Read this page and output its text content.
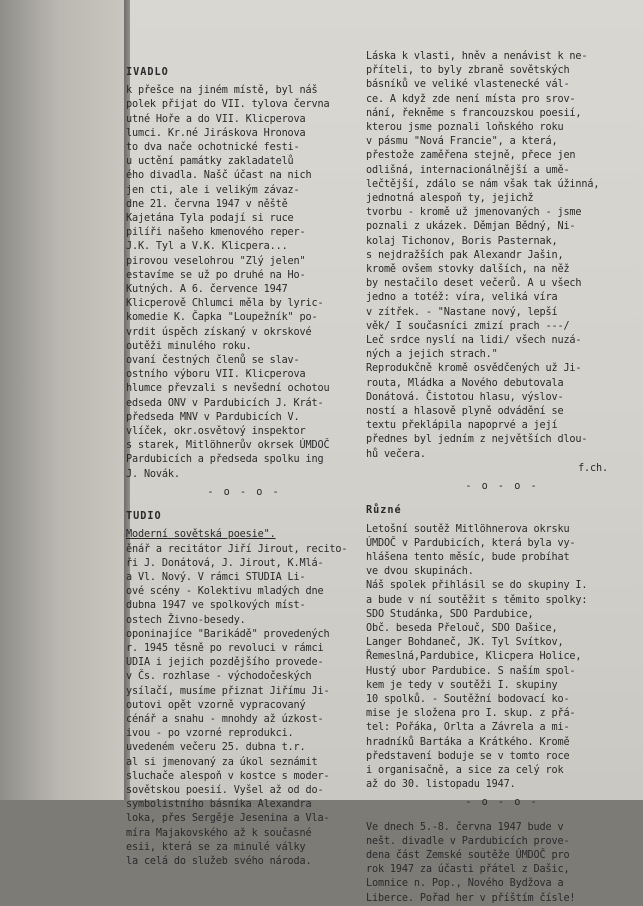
IVADLO
k přešce na jiném místě, byl náš
polek přijat do VII. tylova června
utné Hoře a do VII. Klicperova
lumci. Kr.né Jiráskova Hronova
to dva nače ochotnické festi-
u uctění památky zakladatelů
ého divadla. Našč účast na nich
jen cti, ale i velikým závaz-
dne 21. června 1947 v něště
Kajetána Tyla podají si ruce
pilíři našeho kmenového reper-
J.K. Tyl a V.K. Klicpera...
pirovou veselohrou "Zlý jelen"
estavíme se už po druhé na Ho-
Kutných. A 6. července 1947
Klicperově Chlumci měla by lyric-
komedie K. Čapka "Loupežník" po-
vrdit úspěch získaný v okrskové
outěži minulého roku.
ovaní čestných členů se slav-
ostního výboru VII. Klicperova
hlumce převzali s nevšední ochotou
edseda ONV v Pardubicích J. Krát-
předseda MNV v Pardubicích V.
vlíček, okr.osvětový inspektor
s starek, Mitlöhnerův okrsek ÚMDOČ
Pardubicích a předseda spolku ing
J. Novák.
- o - o -
TUDIO
Moderní sovětská poesie".
ěnář a recitátor Jiří Jirout, recito-
ři J. Donátová, J. Jirout, K.Mlá-
a Vl. Nový. V rámci STUDIA Li-
ové scény - Kolektivu mladých dne
dubna 1947 ve spolkových míst-
ostech Živno-besedy.
oponinajíce "Barikádě" provedených
r. 1945 těsně po revoluci v rámci
UDIA i jejich pozdějšího provede-
v Čs. rozhlase - východočeských
ysílačí, musíme přiznat Jiřímu Ji-
outovi opět vzorně vypracovaný
cénář a snahu - mnohdy až úzkost-
ivou - po vzorné reprodukci.
uvedeném večeru 25. dubna t.r.
al si jmenovaný za úkol seznámit
sluchače alespoň v kostce s moder-
sovětskou poesií. Vyšel až od do-
symbolistního básníka Alexandra
loka, přes Sergěje Jesenina a Vla-
míra Majakovského až k současné
esii, která se za minulé války
la celá do služeb svého národa.
Láska k vlasti, hněv a nenávist k ne-
příteli, to byly zbraně sovětských
básníků ve veliké vlastenecké vál-
ce. A když zde není místa pro srov-
nání, řekněme s francouzskou poesií,
kterou jsme poznali loňského roku
v pásmu "Nová Francie", a která,
přestože zaměřena stejně, přece jen
odlišná, internacionálnější a umě-
lečtější, zdálo se nám však tak úžinná,
jednotná alespoň ty, jejichž
tvorbu - kromě už jmenovaných - jsme
poznali z ukázek. Děmjan Bědný, Ni-
kolaj Tichonov, Boris Pasternak,
s nejdražších pak Alexandr Jašin,
kromě ovšem stovky dalších, na něž
by nestačilo deset večerů. A u všech
jedno a totéž: víra, veliká víra
v zítřek. - "Nastane nový, lepší
věk/ I současníci zmizí prach ---/
Leč srdce nyslí na lidi/ všech nuzá-
ných a jejich strach."
Reprodukčně kromě osvědčených už Ji-
routa, Mládka a Nového debutovala
Donátová. Čistotou hlasu, výslov-
ností a hlasově plyně odvádění se
textu překlápila napoprvé a její
přednes byl jedním z největších dlou-
hů večera.
f.ch.
- o - o -
Různé
Letošní soutěž Mitlöhnerova okrsku
ÚMDOČ v Pardubicích, která byla vy-
hlášena tento měsíc, bude probíhat
ve dvou skupinách.
Náš spolek přihlásil se do skupiny I.
a bude v ní soutěžit s těmito spolky:
SDO Studánka, SDO Pardubice,
Obč. beseda Přelouč, SDO Dašice,
Langer Bohdaneč, JK. Tyl Svítkov,
Řemeslná,Pardubice, Klicpera Holice,
Hustý ubor Pardubice. S naším spol-
kem je tedy v soutěži I. skupiny
10 spolků. - Soutěžní bodovací ko-
mise je složena pro I. skup. z přá-
tel: Pořáka, Orlta a Závrela a mi-
hradníků Bartáka a Krátkého. Kromě
představení boduje se v tomto roce
i organisačně, a sice za celý rok
až do 30. listopadu 1947.
- o - o -
Ve dnech 5.-8. června 1947 bude v
nešt. divadle v Pardubicích prove-
dena část Zemské soutěže ÚMDOČ pro
rok 1947 za účasti přátel z Dašic,
Lomnice n. Pop., Nového Bydžova a
Liberce. Pořad her v příštím čísle!
